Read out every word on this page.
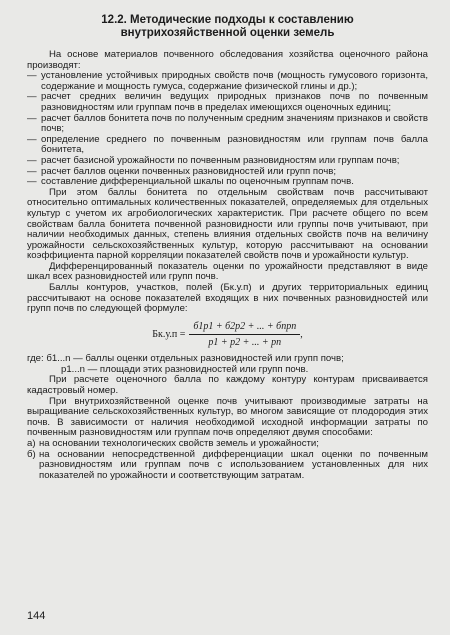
12.2. Методические подходы к составлению
внутрихозяйственной оценки земель

На основе материалов почвенного обследования хозяйства оценочного района производят:

— установление устойчивых природных свойств почв (мощность гумусового горизонта, содержание и мощность гумуса, содержание физической глины и др.);
— расчет средних величин ведущих природных признаков почв по почвенным разновидностям или группам почв в пределах имеющихся оценочных единиц;
— расчет баллов бонитета почв по полученным средним значениям признаков и свойств почв;
— определение среднего по почвенным разновидностям или группам почв балла бонитета,
— расчет базисной урожайности по почвенным разновидностям или группам почв;
— расчет баллов оценки почвенных разновидностей или групп почв;
— составление дифференциальной шкалы по оценочным группам почв.

При этом баллы бонитета по отдельным свойствам почв рассчитывают относительно оптимальных количественных показателей, определяемых для отдельных культур с учетом их агробиологических характеристик. При расчете общего по всем свойствам балла бонитета почвенной разновидности или группы почв учитывают, при наличии необходимых данных, степень влияния отдельных свойств почв на величину урожайности сельскохозяйственных культур, которую рассчитывают на основании коэффициента парной корреляции показателей свойств почв и урожайности культур.

Дифференцированный показатель оценки по урожайности представляют в виде шкал всех разновидностей или групп почв.

Баллы контуров, участков, полей (Бк.у.п) и других территориальных единиц рассчитывают на основе показателей входящих в них почвенных разновидностей или групп почв по следующей формуле:

$Бк.у.п = \frac{\text{б1p1 + б2p2 + ... + бnpn}}{p1 + p2 + ... + pn}$ ,

где: б1...n — баллы оценки отдельных разновидностей или групп почв;

p1...n — площади этих разновидностей или групп почв.

При расчете оценочного балла по каждому контуру контурам присваивается кадастровый номер.

При внутрихозяйственной оценке почв учитывают производимые затраты на выращивание сельскохозяйственных культур, во многом зависящие от плодородия этих почв. В зависимости от наличия необходимой исходной информации затраты по почвенным разновидностям или группам почв определяют двумя способами:

а) на основании технологических свойств земель и урожайности;
б) на основании непосредственной дифференциации шкал оценки по почвенным разновидностям или группам почв с использованием установленных для них показателей по урожайности и соответствующим затратам.
144
